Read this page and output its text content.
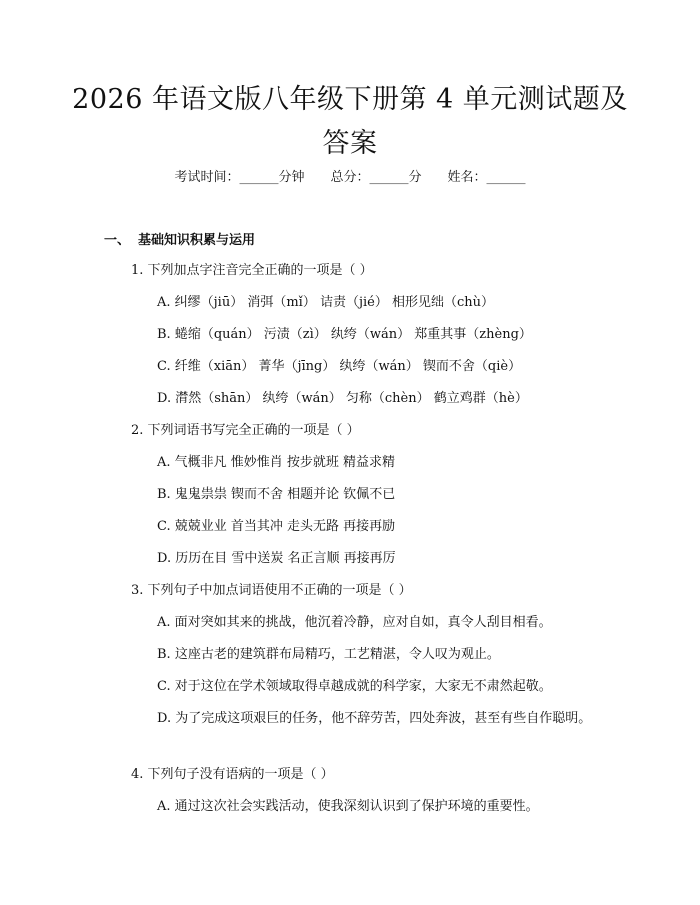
2026 年语文版八年级下册第 4 单元测试题及
答案
考试时间：______分钟 总分：______分 姓名：______
一、 基础知识积累与运用
1. 下列加点字注音完全正确的一项是（ ）
A. 纠缪（jiū） 消弭（mǐ） 诘责（jié） 相形见绌（chù）
B. 蜷缩（quán） 污渍（zì） 纨绔（wán） 郑重其事（zhèng）
C. 纤维（xiān） 菁华（jīng） 纨绔（wán） 锲而不舍（qiè）
D. 潸然（shān） 纨绔（wán） 匀称（chèn） 鹤立鸡群（hè）
2. 下列词语书写完全正确的一项是（ ）
A. 气概非凡 惟妙惟肖 按步就班 精益求精
B. 鬼鬼祟祟 锲而不舍 相题并论 钦佩不已
C. 兢兢业业 首当其冲 走头无路 再接再励
D. 历历在目 雪中送炭 名正言顺 再接再厉
3. 下列句子中加点词语使用不正确的一项是（ ）
A. 面对突如其来的挑战，他沉着冷静，应对自如，真令人刮目相看。
B. 这座古老的建筑群布局精巧，工艺精湛，令人叹为观止。
C. 对于这位在学术领域取得卓越成就的科学家，大家无不肃然起敬。
D. 为了完成这项艰巨的任务，他不辞劳苦，四处奔波，甚至有些自作聪明。
4. 下列句子没有语病的一项是（ ）
A. 通过这次社会实践活动，使我深刻认识到了保护环境的重要性。
